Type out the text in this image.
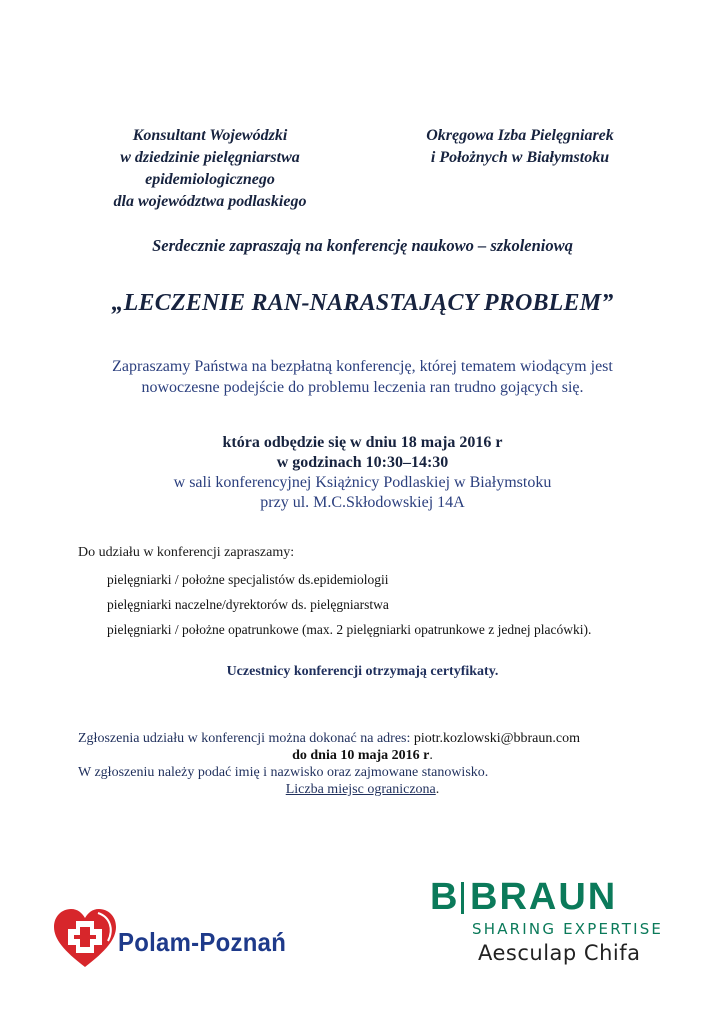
Konsultant Wojewódzki
w dziedzinie pielęgniarstwa
epidemiologicznego
dla województwa podlaskiego
Okręgowa Izba Pielęgniarek
i Położnych w Białymstoku
Serdecznie zapraszają na konferencję naukowo – szkoleniową
„LECZENIE RAN-NARASTAJĄCY PROBLEM”
Zapraszamy Państwa na bezpłatną konferencję, której tematem wiodącym jest
nowoczesne podejście do problemu leczenia ran trudno gojących się.
która odbędzie się w dniu 18 maja 2016 r
w godzinach 10:30–14:30
w sali konferencyjnej Książnicy Podlaskiej w Białymstoku
przy ul. M.C.Skłodowskiej 14A
Do udziału w konferencji zapraszamy:
pielęgniarki / położne specjalistów ds.epidemiologii
pielęgniarki naczelne/dyrektorów ds. pielęgniarstwa
pielęgniarki / położne opatrunkowe (max. 2 pielęgniarki opatrunkowe z jednej placówki).
Uczestnicy konferencji otrzymają certyfikaty.
Zgłoszenia udziału w konferencji można dokonać na adres: piotr.kozlowski@bbraun.com
do dnia 10 maja 2016 r.
W zgłoszeniu należy podać imię i nazwisko oraz zajmowane stanowisko.
Liczba miejsc ograniczona.
Polam-Poznań
B BRAUN
SHARING EXPERTISE
Aesculap Chifa
